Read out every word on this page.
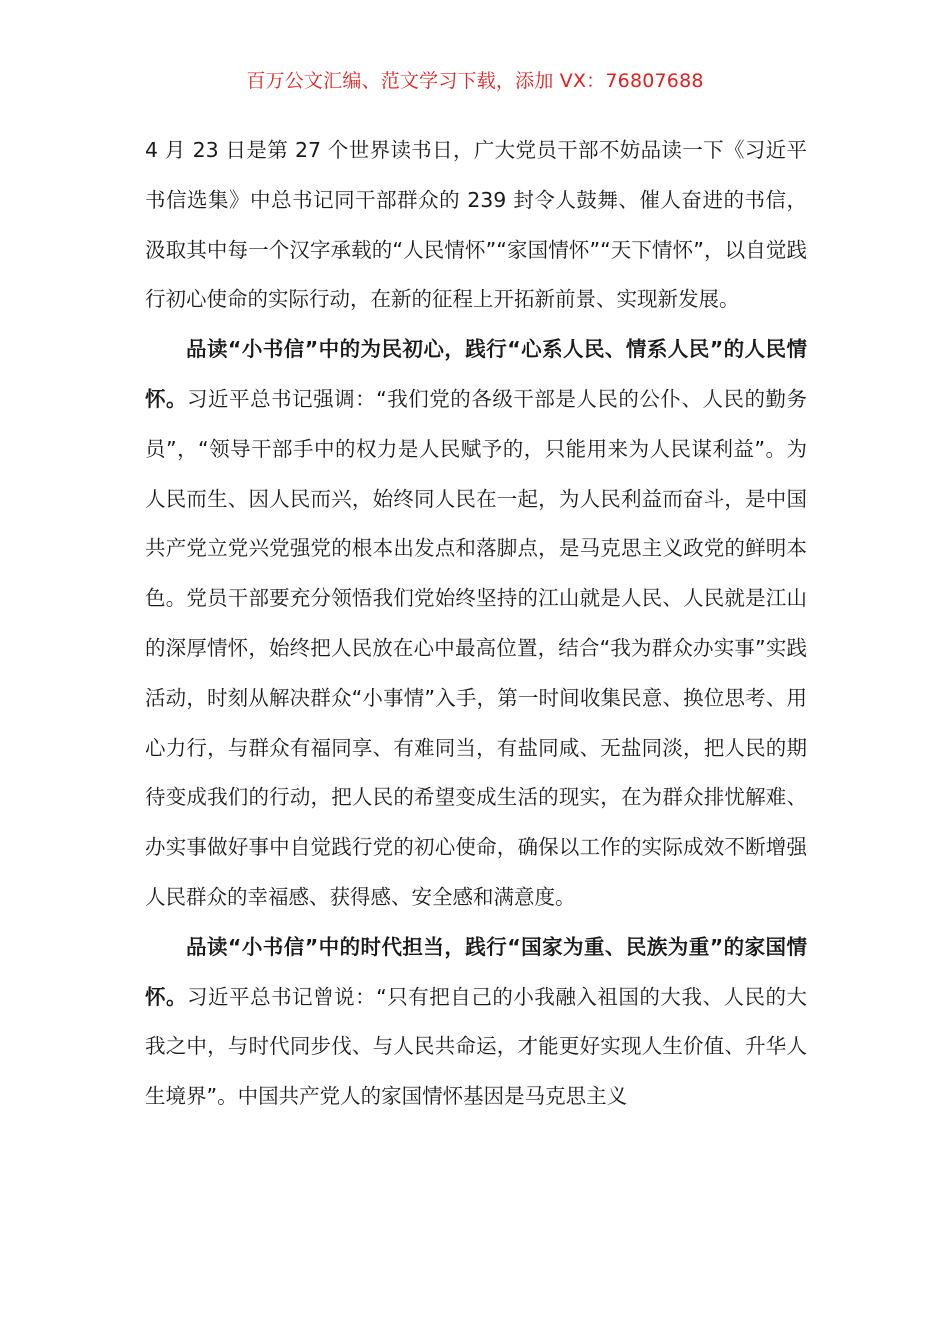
百万公文汇编、范文学习下载，添加 VX：76807688

4 月 23 日是第 27 个世界读书日，广大党员干部不妨品读一下《习近平书信选集》中总书记同干部群众的 239 封令人鼓舞、催人奋进的书信，汲取其中每一个汉字承载的“人民情怀”“家国情怀”“天下情怀”，以自觉践行初心使命的实际行动，在新的征程上开拓新前景、实现新发展。

品读“小书信”中的为民初心，践行“心系人民、情系人民”的人民情怀。习近平总书记强调：“我们党的各级干部是人民的公仆、人民的勤务员”，“领导干部手中的权力是人民赋予的，只能用来为人民谋利益”。为人民而生、因人民而兴，始终同人民在一起，为人民利益而奋斗，是中国共产党立党兴党强党的根本出发点和落脚点，是马克思主义政党的鲜明本色。党员干部要充分领悟我们党始终坚持的江山就是人民、人民就是江山的深厚情怀，始终把人民放在心中最高位置，结合“我为群众办实事”实践活动，时刻从解决群众“小事情”入手，第一时间收集民意、换位思考、用心力行，与群众有福同享、有难同当，有盐同咸、无盐同淡，把人民的期待变成我们的行动，把人民的希望变成生活的现实，在为群众排忧解难、办实事做好事中自觉践行党的初心使命，确保以工作的实际成效不断增强人民群众的幸福感、获得感、安全感和满意度。

品读“小书信”中的时代担当，践行“国家为重、民族为重”的家国情怀。习近平总书记曾说：“只有把自己的小我融入祖国的大我、人民的大我之中，与时代同步伐、与人民共命运，才能更好实现人生价值、升华人生境界”。中国共产党人的家国情怀基因是马克思主义
